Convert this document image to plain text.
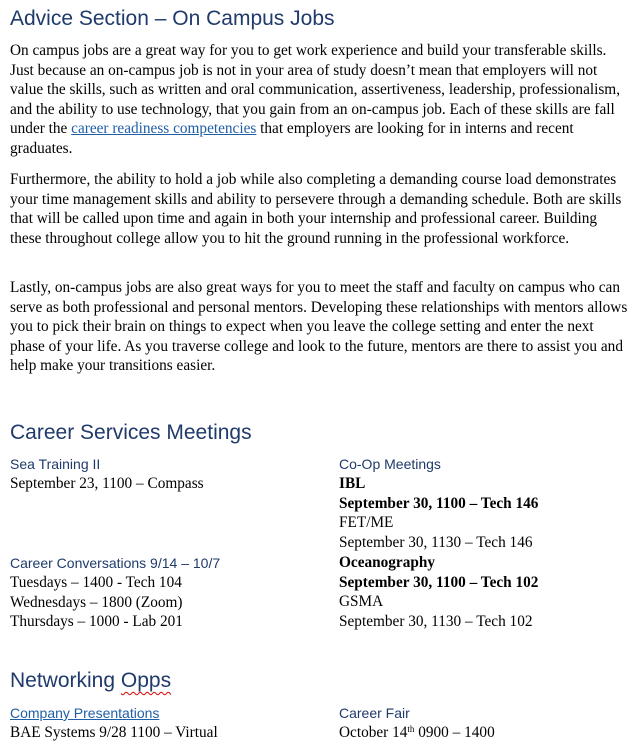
Advice Section – On Campus Jobs

On campus jobs are a great way for you to get work experience and build your transferable skills. Just because an on-campus job is not in your area of study doesn’t mean that employers will not value the skills, such as written and oral communication, assertiveness, leadership, professionalism, and the ability to use technology, that you gain from an on-campus job. Each of these skills are fall under the career readiness competencies that employers are looking for in interns and recent graduates.

Furthermore, the ability to hold a job while also completing a demanding course load demonstrates your time management skills and ability to persevere through a demanding schedule. Both are skills that will be called upon time and again in both your internship and professional career. Building these throughout college allow you to hit the ground running in the professional workforce.

Lastly, on-campus jobs are also great ways for you to meet the staff and faculty on campus who can serve as both professional and personal mentors. Developing these relationships with mentors allows you to pick their brain on things to expect when you leave the college setting and enter the next phase of your life. As you traverse college and look to the future, mentors are there to assist you and help make your transitions easier.

Career Services Meetings
Sea Training II
September 23, 1100 – Compass
Career Conversations 9/14 – 10/7
Tuesdays – 1400 - Tech 104
Wednesdays – 1800 (Zoom)
Thursdays – 1000 - Lab 201
Co-Op Meetings
IBL
September 30, 1100 – Tech 146
FET/ME
September 30, 1130 – Tech 146
Oceanography
September 30, 1100 – Tech 102
GSMA
September 30, 1130 – Tech 102
Networking Opps
Company Presentations
BAE Systems 9/28 1100 – Virtual
Career Fair
October 14th 0900 – 1400
